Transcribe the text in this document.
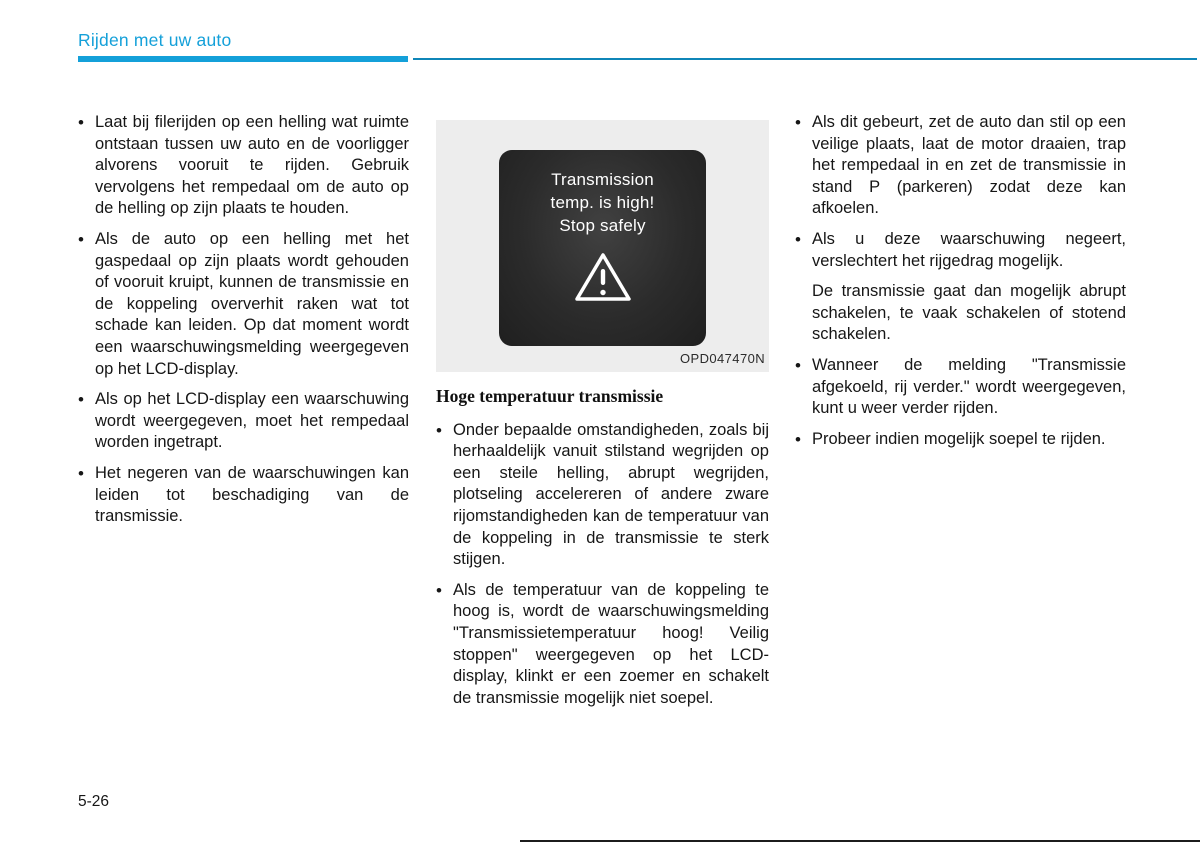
Rijden met uw auto
• Laat bij filerijden op een helling wat ruimte ontstaan tussen uw auto en de voorligger alvorens vooruit te rijden. Gebruik vervolgens het rempedaal om de auto op de helling op zijn plaats te houden.

• Als de auto op een helling met het gaspedaal op zijn plaats wordt gehouden of vooruit kruipt, kunnen de transmissie en de koppeling oververhit raken wat tot schade kan leiden. Op dat moment wordt een waarschuwingsmelding weergegeven op het LCD-display.

• Als op het LCD-display een waarschuwing wordt weergegeven, moet het rempedaal worden ingetrapt.

• Het negeren van de waarschuwingen kan leiden tot beschadiging van de transmissie.

Transmission
temp. is high!
Stop safely
OPD047470N
Hoge temperatuur transmissie
• Onder bepaalde omstandigheden, zoals bij herhaaldelijk vanuit stilstand wegrijden op een steile helling, abrupt wegrijden, plotseling accelereren of andere zware rijomstandigheden kan de temperatuur van de koppeling in de transmissie te sterk stijgen.

• Als de temperatuur van de koppeling te hoog is, wordt de waarschuwingsmelding "Transmissietemperatuur hoog! Veilig stoppen" weergegeven op het LCD-display, klinkt er een zoemer en schakelt de transmissie mogelijk niet soepel.

• Als dit gebeurt, zet de auto dan stil op een veilige plaats, laat de motor draaien, trap het rempedaal in en zet de transmissie in stand P (parkeren) zodat deze kan afkoelen.

• Als u deze waarschuwing negeert, verslechtert het rijgedrag mogelijk.

De transmissie gaat dan mogelijk abrupt schakelen, te vaak schakelen of stotend schakelen.

• Wanneer de melding "Transmissie afgekoeld, rij verder." wordt weergegeven, kunt u weer verder rijden.

• Probeer indien mogelijk soepel te rijden.

5-26
